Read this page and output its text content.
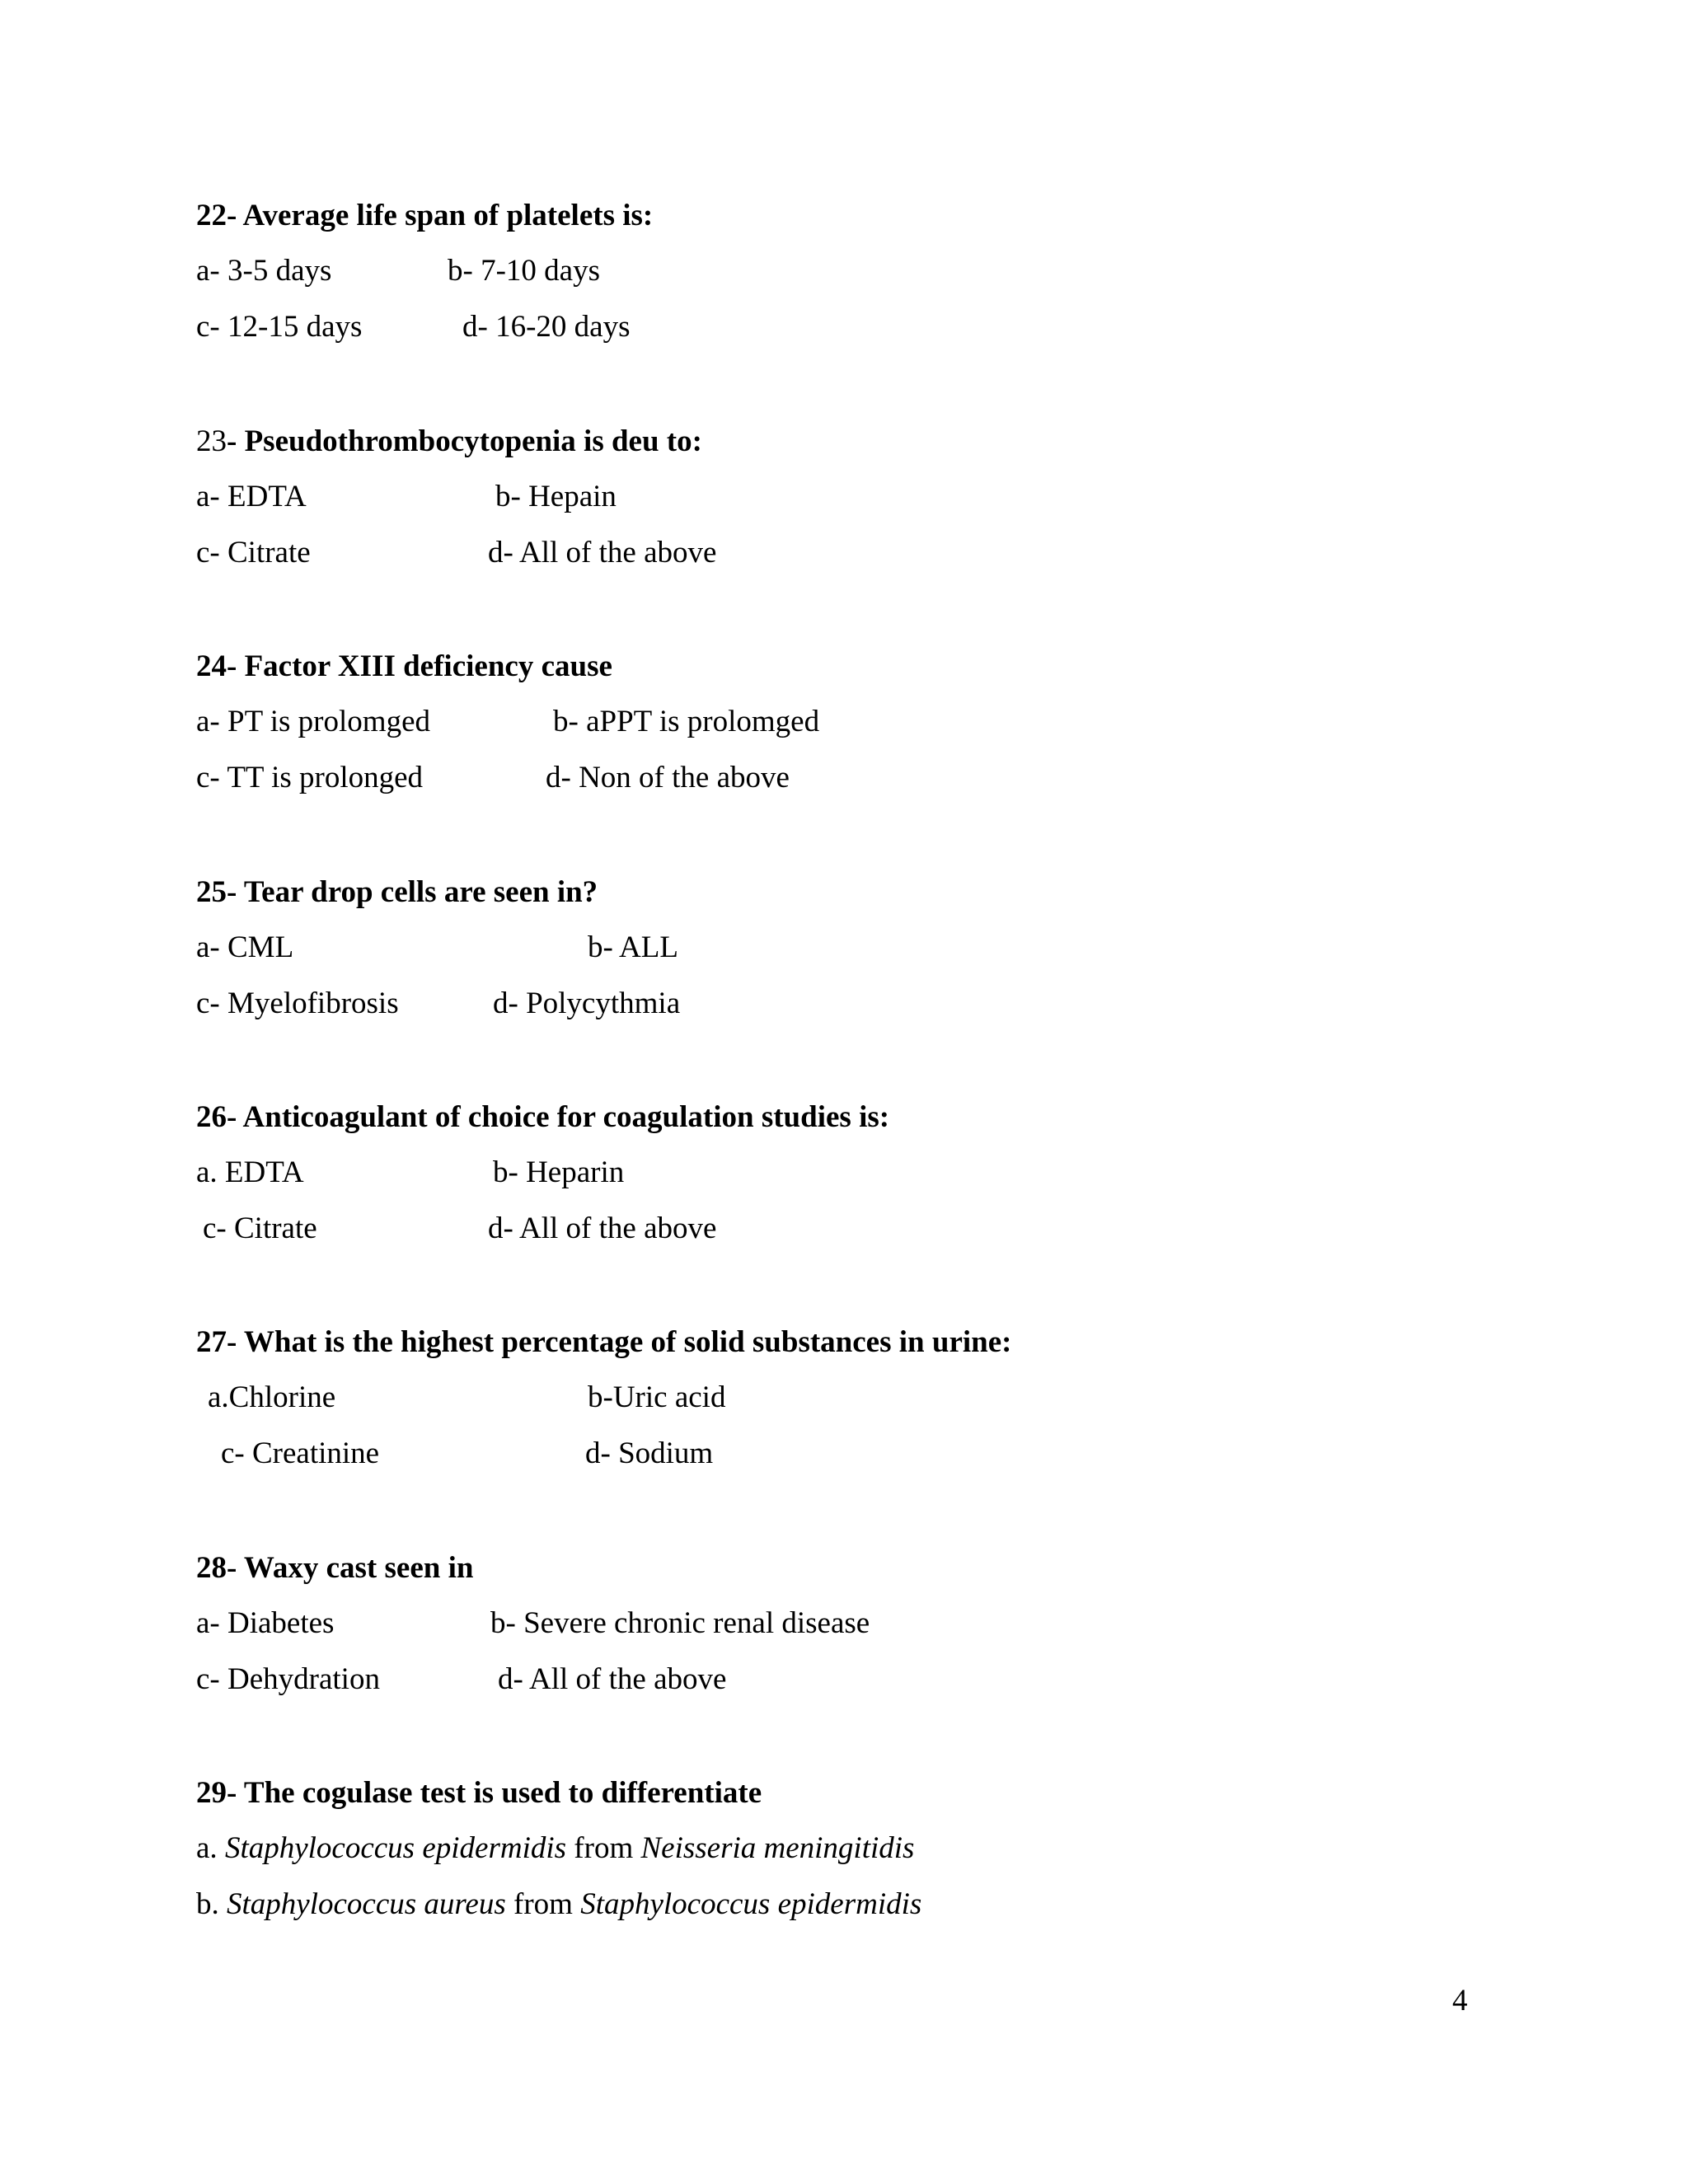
22- Average life span of platelets is:
a- 3-5 days	b- 7-10 days
c- 12-15 days	d- 16-20 days
23- Pseudothrombocytopenia is deu to:
a- EDTA	b- Hepain
c- Citrate	d- All of the above
24- Factor XIII deficiency cause
a- PT is prolomged	b- aPPT is prolomged
c- TT is prolonged	d- Non of the above
25- Tear drop cells are seen in?
a- CML	b- ALL
c- Myelofibrosis	d- Polycythmia
26- Anticoagulant of choice for coagulation studies is:
a. EDTA	b- Heparin
c- Citrate	d- All of the above
27- What is the highest percentage of solid substances in urine:
a.Chlorine	b-Uric acid
c- Creatinine	d- Sodium
28- Waxy cast seen in
a- Diabetes	b- Severe chronic renal disease
c- Dehydration	d- All of the above
29- The cogulase test is used to differentiate
a. Staphylococcus epidermidis from Neisseria meningitidis
b. Staphylococcus aureus from Staphylococcus epidermidis
4
